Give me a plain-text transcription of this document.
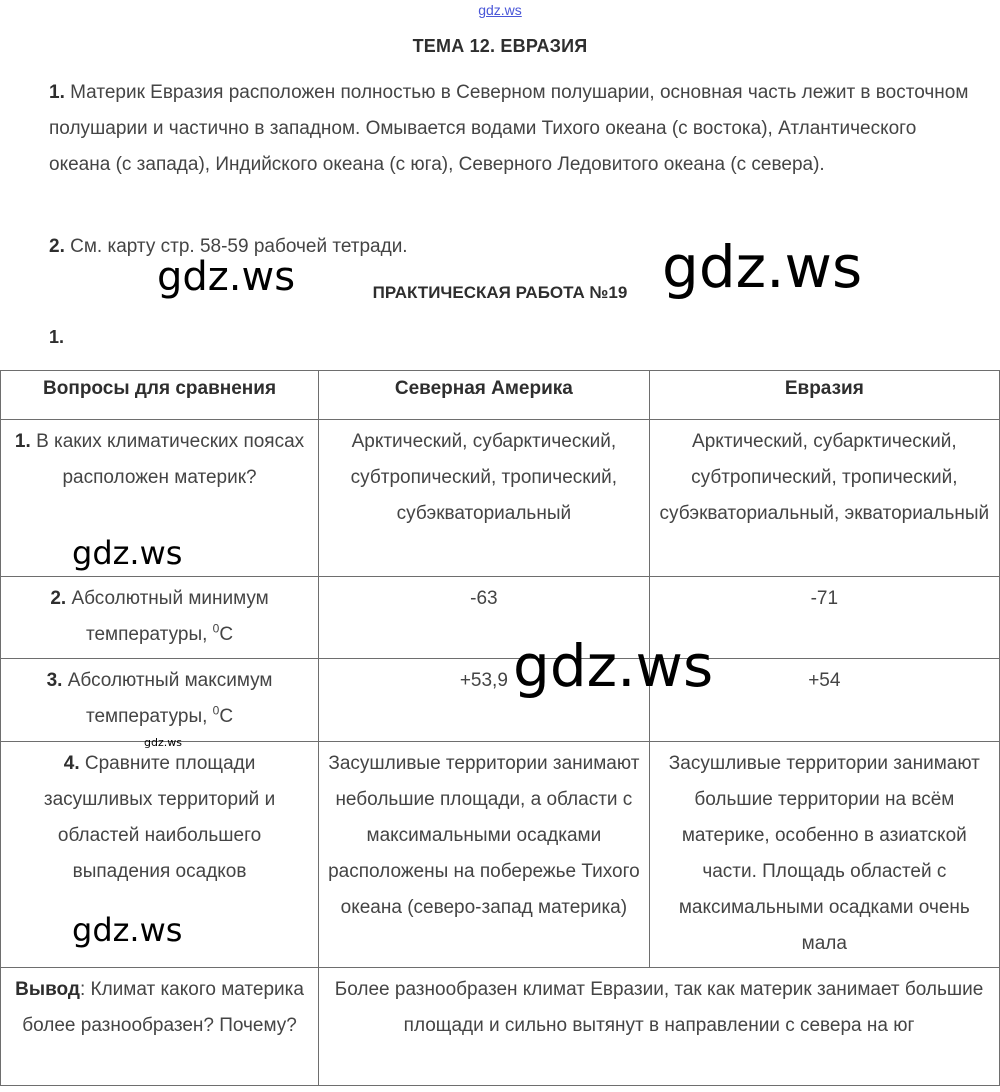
gdz.ws
ТЕМА 12. ЕВРАЗИЯ
1. Материк Евразия расположен полностью в Северном полушарии, основная часть лежит в восточном полушарии и частично в западном. Омывается водами Тихого океана (с востока), Атлантического океана (с запада), Индийского океана (с юга), Северного Ледовитого океана (с севера).
2. См. карту стр. 58-59 рабочей тетради.
ПРАКТИЧЕСКАЯ РАБОТА №19
1.
Вопросы для сравнения	Северная Америка	Евразия
1. В каких климатических поясах расположен материк?	Арктический, субарктический, субтропический, тропический, субэкваториальный	Арктический, субарктический, субтропический, тропический, субэкваториальный, экваториальный
2. Абсолютный минимум температуры, $^0$C	-63	-71
3. Абсолютный максимум температуры, $^0$C	+53,9	+54
4. Сравните площади засушливых территорий и областей наибольшего выпадения осадков	Засушливые территории занимают небольшие площади, а области с максимальными осадками расположены на побережье Тихого океана (северо-запад материка)	Засушливые территории занимают большие территории на всём материке, особенно в азиатской части. Площадь областей с максимальными осадками очень мала
Вывод: Климат какого материка более разнообразен? Почему?	Более разнообразен климат Евразии, так как материк занимает большие площади и сильно вытянут в направлении с севера на юг	
gdz.ws	gdz.ws
gdz.ws
gdz.ws
gdz.ws
gdz.ws
